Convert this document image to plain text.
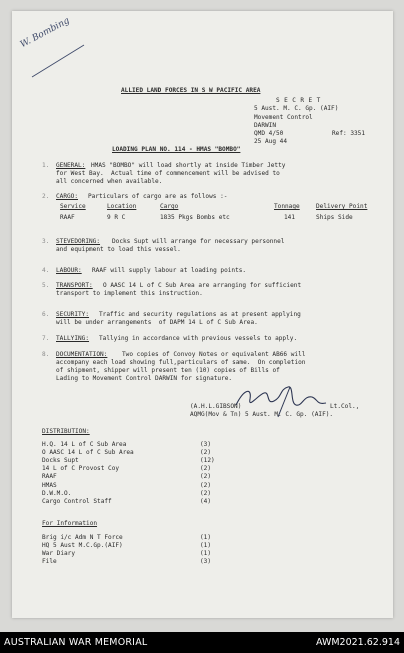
W. Bombing
ALLIED LAND FORCES IN S W PACIFIC AREA
S E C R E T
5 Aust. M. C. Gp. (AIF)
Movement Control
DARWIN
QMD 4/50	Ref: 3351
25 Aug 44
LOADING PLAN NO. 114 - HMAS "BOMBO"
1. GENERAL: HMAS "BOMBO" will load shortly at inside Timber Jetty
for West Bay.  Actual time of commencement will be advised to
all concerned when available.
2. CARGO: Particulars of cargo are as follows :-
Service	Location	Cargo	Tonnage	Delivery Point
RAAF	9 R C	1835 Pkgs Bombs etc	141	Ships Side
3. STEVEDORING: Docks Supt will arrange for necessary personnel
and equipment to load this vessel.
4. LABOUR: RAAF will supply labour at loading points.
5. TRANSPORT: O AASC 14 L of C Sub Area are arranging for sufficient
transport to implement this instruction.
6. SECURITY: Traffic and security regulations as at present applying
will be under arrangements  of DAPM 14 L of C Sub Area.
7. TALLYING: Tallying in accordance with previous vessels to apply.
8. DOCUMENTATION: Two copies of Convoy Notes or equivalent AB66 will
accompany each load showing full,particulars of same.  On completion
of shipment, shipper will present ten (10) copies of Bills of
Lading to Movement Control DARWIN for signature.
(A.H.L.GIBSON)	Lt.Col.,
AQMG(Mov & Tn) 5 Aust. M. C. Gp. (AIF).
DISTRIBUTION:
H.Q. 14 L of C Sub Area	(3)
O AASC 14 L of C Sub Area	(2)
Docks Supt	(12)
14 L of C Provost Coy	(2)
RAAF	(2)
HMAS	(2)
D.W.M.O.	(2)
Cargo Control Staff	(4)
For Information
Brig i/c Adm N T Force	(1)
HQ 5 Aust M.C.Gp.(AIF)	(1)
War Diary	(1)
File	(3)
AUSTRALIAN WAR MEMORIAL	AWM2021.62.914
